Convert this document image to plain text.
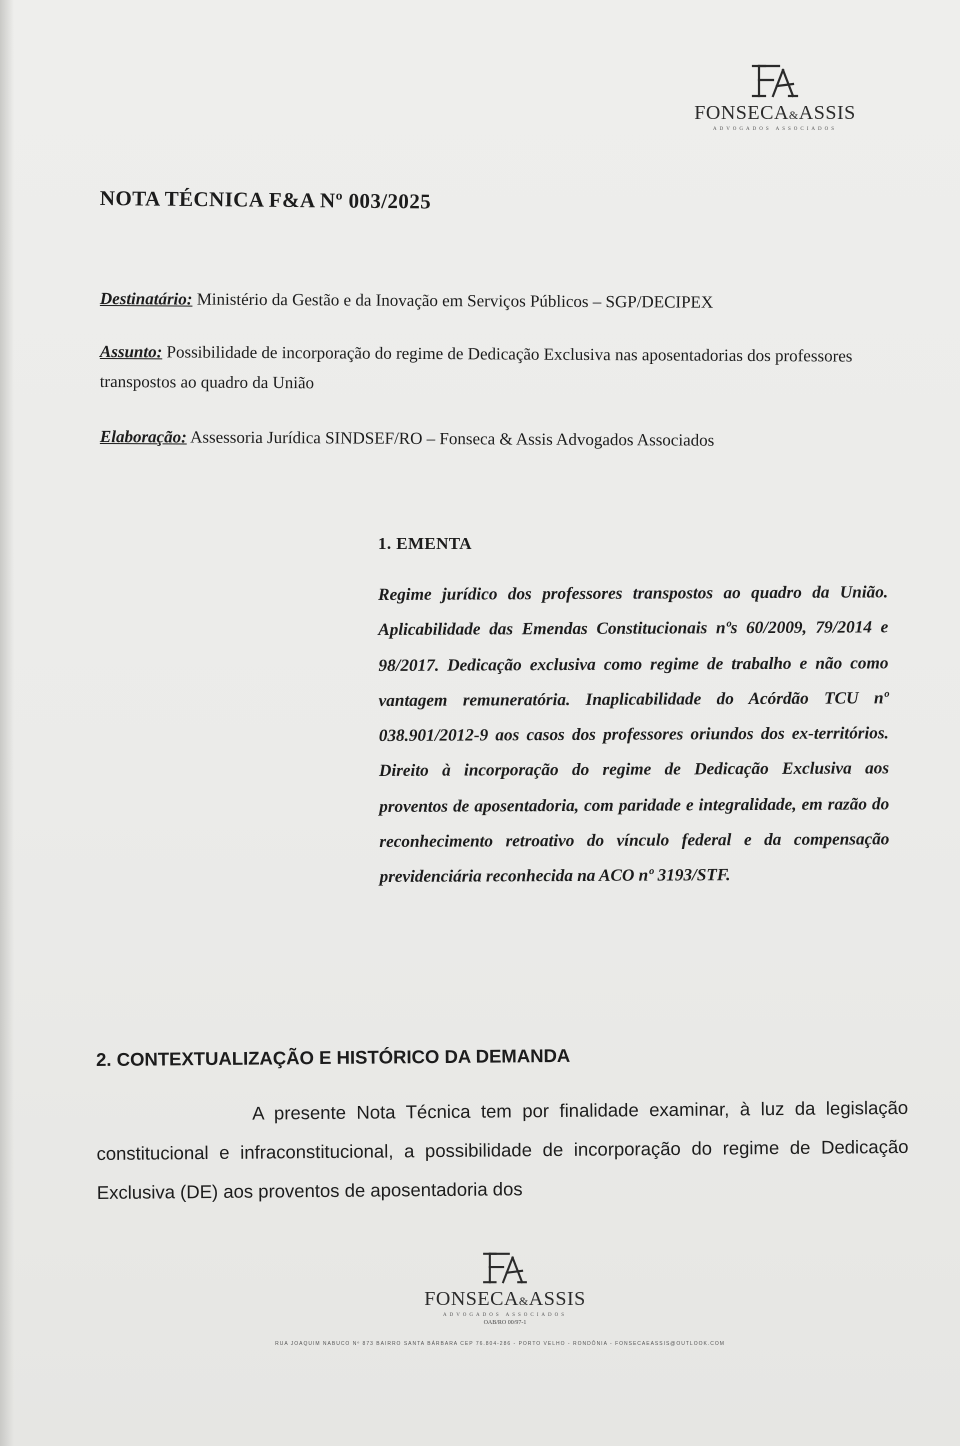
FONSECA&ASSIS
ADVOGADOS ASSOCIADOS
NOTA TÉCNICA F&A Nº 003/2025
Destinatário: Ministério da Gestão e da Inovação em Serviços Públicos – SGP/DECIPEX
Assunto: Possibilidade de incorporação do regime de Dedicação Exclusiva nas aposentadorias dos professores transpostos ao quadro da União
Elaboração: Assessoria Jurídica SINDSEF/RO – Fonseca & Assis Advogados Associados
1. EMENTA
Regime jurídico dos professores transpostos ao quadro da União. Aplicabilidade das Emendas Constitucionais nºs 60/2009, 79/2014 e 98/2017. Dedicação exclusiva como regime de trabalho e não como vantagem remuneratória. Inaplicabilidade do Acórdão TCU nº 038.901/2012-9 aos casos dos professores oriundos dos ex-territórios. Direito à incorporação do regime de Dedicação Exclusiva aos proventos de aposentadoria, com paridade e integralidade, em razão do reconhecimento retroativo do vínculo federal e da compensação previdenciária reconhecida na ACO nº 3193/STF.
2. CONTEXTUALIZAÇÃO E HISTÓRICO DA DEMANDA
A presente Nota Técnica tem por finalidade examinar, à luz da legislação constitucional e infraconstitucional, a possibilidade de incorporação do regime de Dedicação Exclusiva (DE) aos proventos de aposentadoria dos
FONSECA&ASSIS
ADVOGADOS ASSOCIADOS
OAB/RO 00/97-1
RUA JOAQUIM NABUCO Nº 873 BAIRRO SANTA BÁRBARA CEP 76.804-286 - PORTO VELHO - RONDÔNIA - FONSECAEASSIS@OUTLOOK.COM
